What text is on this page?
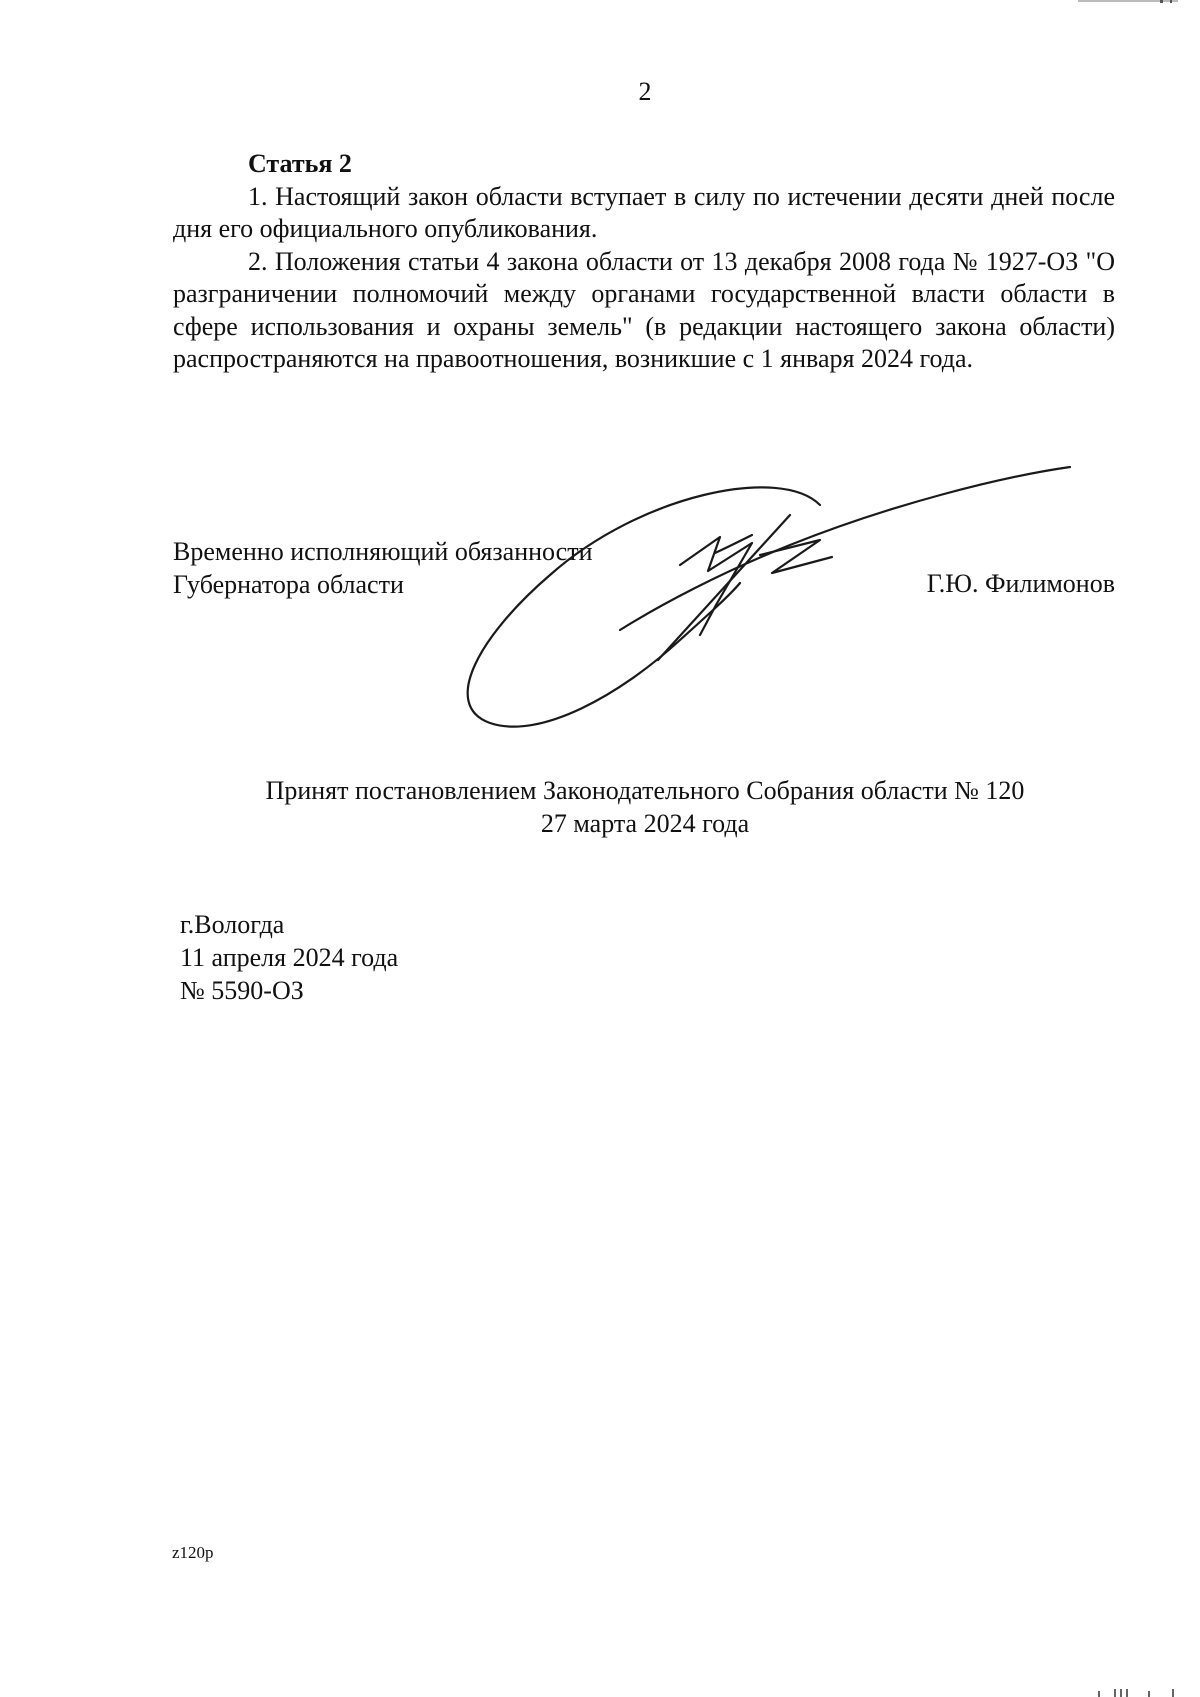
2

Статья 2

1. Настоящий закон области вступает в силу по истечении десяти дней после дня его официального опубликования.

2. Положения статьи 4 закона области от 13 декабря 2008 года № 1927-ОЗ "О разграничении полномочий между органами государственной власти области в сфере использования и охраны земель" (в редакции настоящего закона области) распространяются на правоотношения, возникшие с 1 января 2024 года.

Временно исполняющий обязанности
Губернатора области	Г.Ю. Филимонов
Принят постановлением Законодательного Собрания области № 120
27 марта 2024 года
г.Вологда
11 апреля 2024 года
№ 5590-ОЗ
z120p
